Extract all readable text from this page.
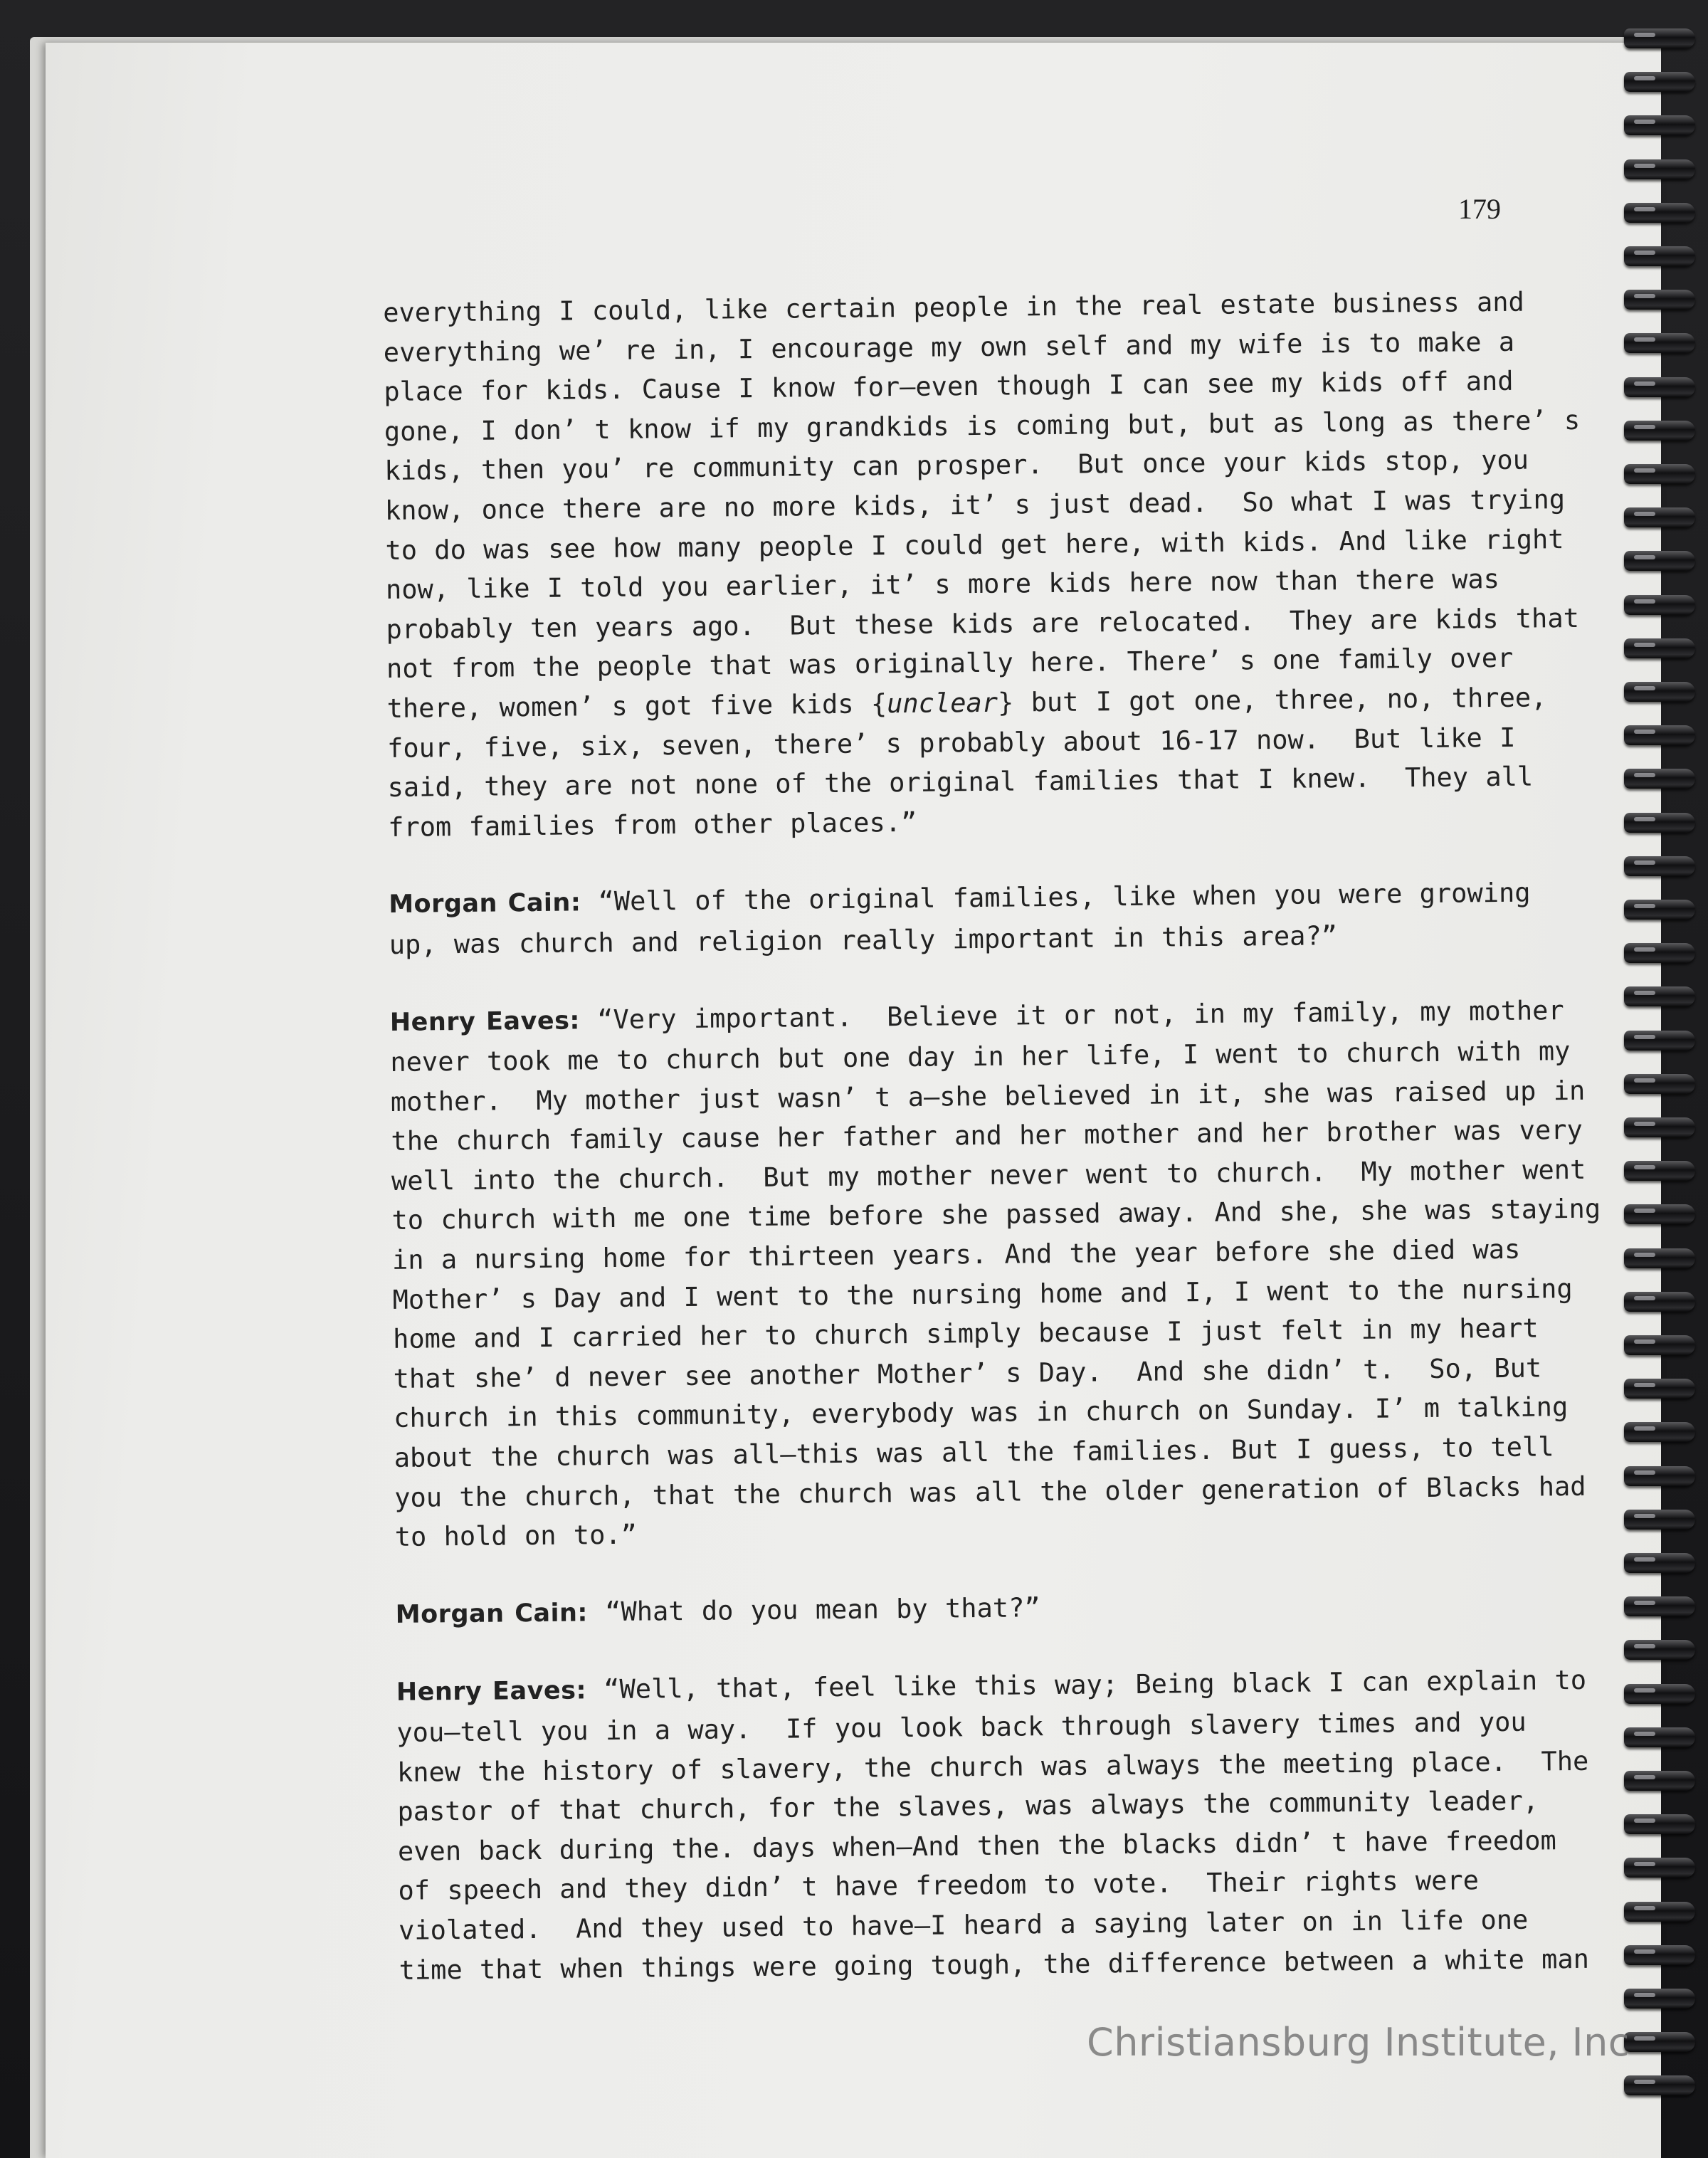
179

everything I could, like certain people in the real estate business and
everything we’ re in, I encourage my own self and my wife is to make a
place for kids. Cause I know for—even though I can see my kids off and
gone, I don’ t know if my grandkids is coming but, but as long as there’ s
kids, then you’ re community can prosper.  But once your kids stop, you
know, once there are no more kids, it’ s just dead.  So what I was trying
to do was see how many people I could get here, with kids. And like right
now, like I told you earlier, it’ s more kids here now than there was
probably ten years ago.  But these kids are relocated.  They are kids that
not from the people that was originally here. There’ s one family over
there, women’ s got five kids {unclear} but I got one, three, no, three,
four, five, six, seven, there’ s probably about 16-17 now.  But like I
said, they are not none of the original families that I knew.  They all
from families from other places.”
Morgan Cain: “Well of the original families, like when you were growing
up, was church and religion really important in this area?”
Henry Eaves: “Very important.  Believe it or not, in my family, my mother
never took me to church but one day in her life, I went to church with my
mother.  My mother just wasn’ t a—she believed in it, she was raised up in
the church family cause her father and her mother and her brother was very
well into the church.  But my mother never went to church.  My mother went
to church with me one time before she passed away. And she, she was staying
in a nursing home for thirteen years. And the year before she died was
Mother’ s Day and I went to the nursing home and I, I went to the nursing
home and I carried her to church simply because I just felt in my heart
that she’ d never see another Mother’ s Day.  And she didn’ t.  So, But
church in this community, everybody was in church on Sunday. I’ m talking
about the church was all—this was all the families. But I guess, to tell
you the church, that the church was all the older generation of Blacks had
to hold on to.”
Morgan Cain: “What do you mean by that?”
Henry Eaves: “Well, that, feel like this way; Being black I can explain to
you—tell you in a way.  If you look back through slavery times and you
knew the history of slavery, the church was always the meeting place.  The
pastor of that church, for the slaves, was always the community leader,
even back during the. days when—And then the blacks didn’ t have freedom
of speech and they didn’ t have freedom to vote.  Their rights were
violated.  And they used to have—I heard a saying later on in life one
time that when things were going tough, the difference between a white man

Christiansburg Institute, Inc
